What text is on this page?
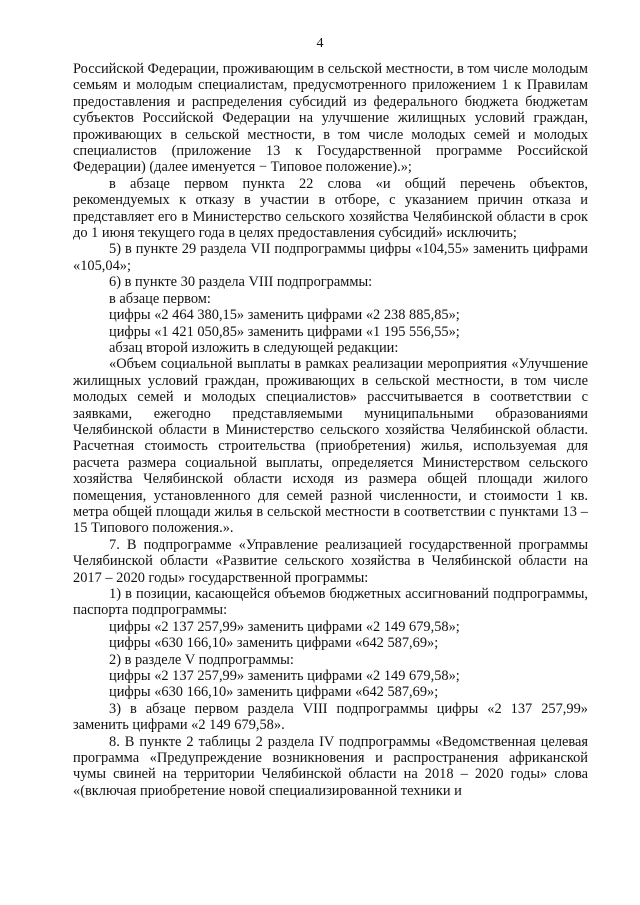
4

Российской Федерации, проживающим в сельской местности, в том числе молодым семьям и молодым специалистам, предусмотренного приложением 1 к Правилам предоставления и распределения субсидий из федерального бюджета бюджетам субъектов Российской Федерации на улучшение жилищных условий граждан, проживающих в сельской местности, в том числе молодых семей и молодых специалистов (приложение 13 к Государственной программе Российской Федерации) (далее именуется − Типовое положение).»;

в абзаце первом пункта 22 слова «и общий перечень объектов, рекомендуемых к отказу в участии в отборе, с указанием причин отказа и представляет его в Министерство сельского хозяйства Челябинской области в срок до 1 июня текущего года в целях предоставления субсидий» исключить;

5) в пункте 29 раздела VII подпрограммы цифры «104,55» заменить цифрами «105,04»;

6) в пункте 30 раздела VIII подпрограммы:

в абзаце первом:

цифры «2 464 380,15» заменить цифрами «2 238 885,85»;

цифры «1 421 050,85» заменить цифрами «1 195 556,55»;

абзац второй изложить в следующей редакции:

«Объем социальной выплаты в рамках реализации мероприятия «Улучшение жилищных условий граждан, проживающих в сельской местности, в том числе молодых семей и молодых специалистов» рассчитывается в соответствии с заявками, ежегодно представляемыми муниципальными образованиями Челябинской области в Министерство сельского хозяйства Челябинской области. Расчетная стоимость строительства (приобретения) жилья, используемая для расчета размера социальной выплаты, определяется Министерством сельского хозяйства Челябинской области исходя из размера общей площади жилого помещения, установленного для семей разной численности, и стоимости 1 кв. метра общей площади жилья в сельской местности в соответствии с пунктами 13 – 15 Типового положения.».

7. В подпрограмме «Управление реализацией государственной программы Челябинской области «Развитие сельского хозяйства в Челябинской области на 2017 – 2020 годы» государственной программы:

1) в позиции, касающейся объемов бюджетных ассигнований подпрограммы, паспорта подпрограммы:

цифры «2 137 257,99» заменить цифрами «2 149 679,58»;

цифры «630 166,10» заменить цифрами «642 587,69»;

2) в разделе V подпрограммы:

цифры «2 137 257,99» заменить цифрами «2 149 679,58»;

цифры «630 166,10» заменить цифрами «642 587,69»;

3) в абзаце первом раздела VIII подпрограммы цифры «2 137 257,99» заменить цифрами «2 149 679,58».

8. В пункте 2 таблицы 2 раздела IV подпрограммы «Ведомственная целевая программа «Предупреждение возникновения и распространения африканской чумы свиней на территории Челябинской области на 2018 – 2020 годы» слова «(включая приобретение новой специализированной техники и
